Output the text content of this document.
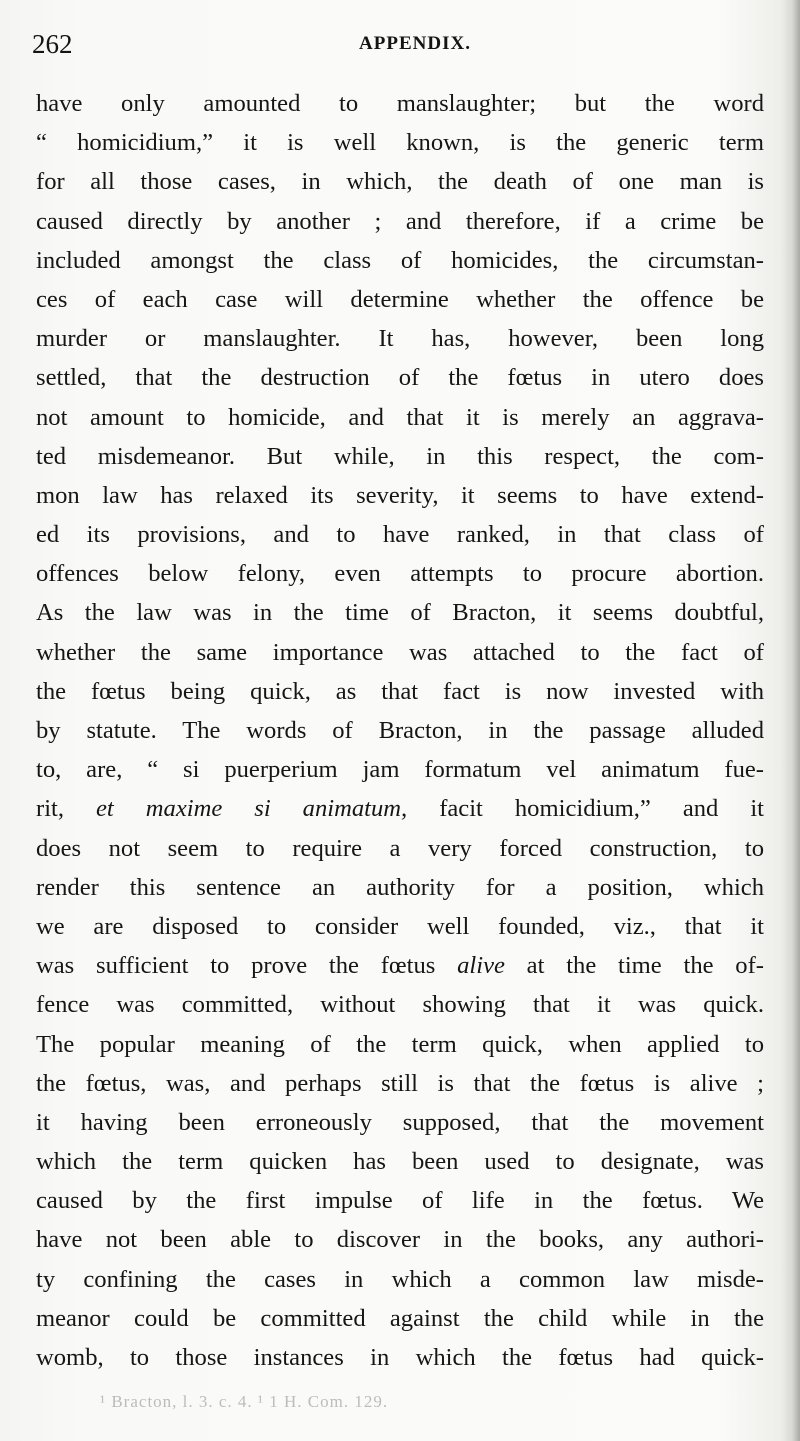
262	APPENDIX.
have only amounted to manslaughter; but the word
“ homicidium,” it is well known, is the generic term
for all those cases, in which, the death of one man is
caused directly by another ; and therefore, if a crime be
included amongst the class of homicides, the circumstan-
ces of each case will determine whether the offence be
murder or manslaughter. It has, however, been long
settled, that the destruction of the fœtus in utero does
not amount to homicide, and that it is merely an aggrava-
ted misdemeanor. But while, in this respect, the com-
mon law has relaxed its severity, it seems to have extend-
ed its provisions, and to have ranked, in that class of
offences below felony, even attempts to procure abortion.
As the law was in the time of Bracton, it seems doubtful,
whether the same importance was attached to the fact of
the fœtus being quick, as that fact is now invested with
by statute. The words of Bracton, in the passage alluded
to, are, “ si puerperium jam formatum vel animatum fue-
rit, et maxime si animatum, facit homicidium,” and it
does not seem to require a very forced construction, to
render this sentence an authority for a position, which
we are disposed to consider well founded, viz., that it
was sufficient to prove the fœtus alive at the time the of-
fence was committed, without showing that it was quick.
The popular meaning of the term quick, when applied to
the fœtus, was, and perhaps still is that the fœtus is alive ;
it having been erroneously supposed, that the movement
which the term quicken has been used to designate, was
caused by the first impulse of life in the fœtus. We
have not been able to discover in the books, any authori-
ty confining the cases in which a common law misde-
meanor could be committed against the child while in the
womb, to those instances in which the fœtus had quick-
¹ Bracton, l. 3. c. 4. ¹ 1 H. Com. 129.
